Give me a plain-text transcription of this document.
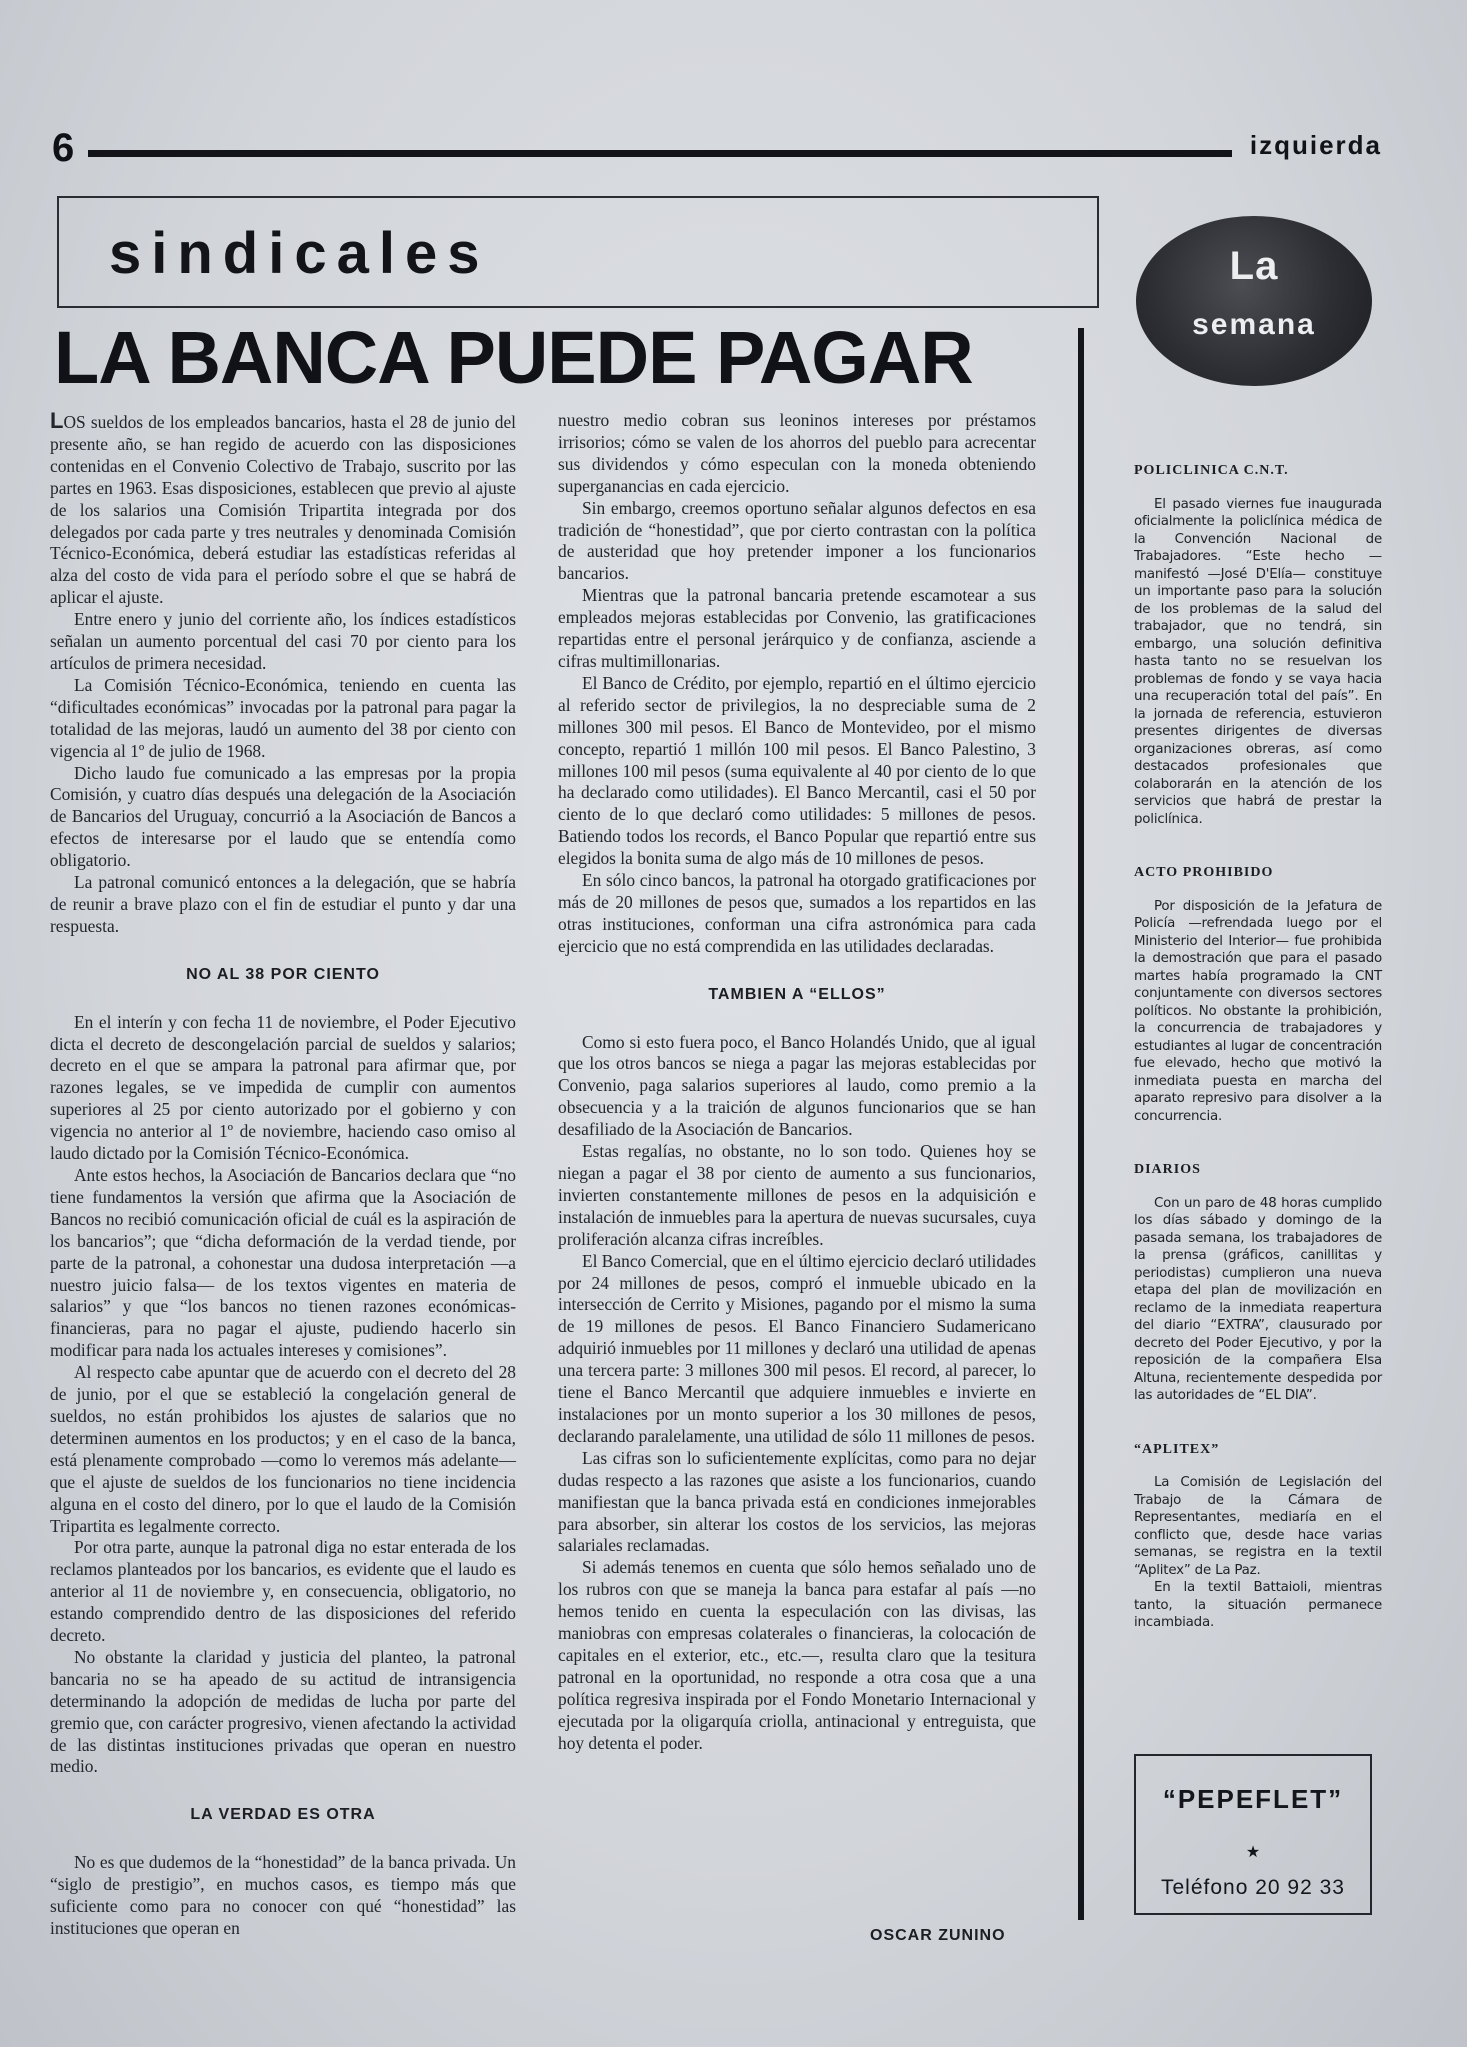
6	izquierda
sindicales
LA BANCA PUEDE PAGAR

LOS sueldos de los empleados bancarios, hasta el 28 de junio del presente año, se han regido de acuerdo con las disposiciones contenidas en el Convenio Colectivo de Trabajo, suscrito por las partes en 1963. Esas disposiciones, establecen que previo al ajuste de los salarios una Comisión Tripartita integrada por dos delegados por cada parte y tres neutrales y denominada Comisión Técnico-Económica, deberá estudiar las estadísticas referidas al alza del costo de vida para el período sobre el que se habrá de aplicar el ajuste.

Entre enero y junio del corriente año, los índices estadísticos señalan un aumento porcentual del casi 70 por ciento para los artículos de primera necesidad.

La Comisión Técnico-Económica, teniendo en cuenta las “dificultades económicas” invocadas por la patronal para pagar la totalidad de las mejoras, laudó un aumento del 38 por ciento con vigencia al 1º de julio de 1968.

Dicho laudo fue comunicado a las empresas por la propia Comisión, y cuatro días después una delegación de la Asociación de Bancarios del Uruguay, concurrió a la Asociación de Bancos a efectos de interesarse por el laudo que se entendía como obligatorio.

La patronal comunicó entonces a la delegación, que se habría de reunir a brave plazo con el fin de estudiar el punto y dar una respuesta.

NO AL 38 POR CIENTO

En el interín y con fecha 11 de noviembre, el Poder Ejecutivo dicta el decreto de descongelación parcial de sueldos y salarios; decreto en el que se ampara la patronal para afirmar que, por razones legales, se ve impedida de cumplir con aumentos superiores al 25 por ciento autorizado por el gobierno y con vigencia no anterior al 1º de noviembre, haciendo caso omiso al laudo dictado por la Comisión Técnico-Económica.

Ante estos hechos, la Asociación de Bancarios declara que “no tiene fundamentos la versión que afirma que la Asociación de Bancos no recibió comunicación oficial de cuál es la aspiración de los bancarios”; que “dicha deformación de la verdad tiende, por parte de la patronal, a cohonestar una dudosa interpretación —a nuestro juicio falsa— de los textos vigentes en materia de salarios” y que “los bancos no tienen razones económicas-financieras, para no pagar el ajuste, pudiendo hacerlo sin modificar para nada los actuales intereses y comisiones”.

Al respecto cabe apuntar que de acuerdo con el decreto del 28 de junio, por el que se estableció la congelación general de sueldos, no están prohibidos los ajustes de salarios que no determinen aumentos en los productos; y en el caso de la banca, está plenamente comprobado —como lo veremos más adelante— que el ajuste de sueldos de los funcionarios no tiene incidencia alguna en el costo del dinero, por lo que el laudo de la Comisión Tripartita es legalmente correcto.

Por otra parte, aunque la patronal diga no estar enterada de los reclamos planteados por los bancarios, es evidente que el laudo es anterior al 11 de noviembre y, en consecuencia, obligatorio, no estando comprendido dentro de las disposiciones del referido decreto.

No obstante la claridad y justicia del planteo, la patronal bancaria no se ha apeado de su actitud de intransigencia determinando la adopción de medidas de lucha por parte del gremio que, con carácter progresivo, vienen afectando la actividad de las distintas instituciones privadas que operan en nuestro medio.

LA VERDAD ES OTRA

No es que dudemos de la “honestidad” de la banca privada. Un “siglo de prestigio”, en muchos casos, es tiempo más que suficiente como para no conocer con qué “honestidad” las instituciones que operan en

nuestro medio cobran sus leoninos intereses por préstamos irrisorios; cómo se valen de los ahorros del pueblo para acrecentar sus dividendos y cómo especulan con la moneda obteniendo superganancias en cada ejercicio.

Sin embargo, creemos oportuno señalar algunos defectos en esa tradición de “honestidad”, que por cierto contrastan con la política de austeridad que hoy pretender imponer a los funcionarios bancarios.

Mientras que la patronal bancaria pretende escamotear a sus empleados mejoras establecidas por Convenio, las gratificaciones repartidas entre el personal jerárquico y de confianza, asciende a cifras multimillonarias.

El Banco de Crédito, por ejemplo, repartió en el último ejercicio al referido sector de privilegios, la no despreciable suma de 2 millones 300 mil pesos. El Banco de Montevideo, por el mismo concepto, repartió 1 millón 100 mil pesos. El Banco Palestino, 3 millones 100 mil pesos (suma equivalente al 40 por ciento de lo que ha declarado como utilidades). El Banco Mercantil, casi el 50 por ciento de lo que declaró como utilidades: 5 millones de pesos. Batiendo todos los records, el Banco Popular que repartió entre sus elegidos la bonita suma de algo más de 10 millones de pesos.

En sólo cinco bancos, la patronal ha otorgado gratificaciones por más de 20 millones de pesos que, sumados a los repartidos en las otras instituciones, conforman una cifra astronómica para cada ejercicio que no está comprendida en las utilidades declaradas.

TAMBIEN A “ELLOS”

Como si esto fuera poco, el Banco Holandés Unido, que al igual que los otros bancos se niega a pagar las mejoras establecidas por Convenio, paga salarios superiores al laudo, como premio a la obsecuencia y a la traición de algunos funcionarios que se han desafiliado de la Asociación de Bancarios.

Estas regalías, no obstante, no lo son todo. Quienes hoy se niegan a pagar el 38 por ciento de aumento a sus funcionarios, invierten constantemente millones de pesos en la adquisición e instalación de inmuebles para la apertura de nuevas sucursales, cuya proliferación alcanza cifras increíbles.

El Banco Comercial, que en el último ejercicio declaró utilidades por 24 millones de pesos, compró el inmueble ubicado en la intersección de Cerrito y Misiones, pagando por el mismo la suma de 19 millones de pesos. El Banco Financiero Sudamericano adquirió inmuebles por 11 millones y declaró una utilidad de apenas una tercera parte: 3 millones 300 mil pesos. El record, al parecer, lo tiene el Banco Mercantil que adquiere inmuebles e invierte en instalaciones por un monto superior a los 30 millones de pesos, declarando paralelamente, una utilidad de sólo 11 millones de pesos.

Las cifras son lo suficientemente explícitas, como para no dejar dudas respecto a las razones que asiste a los funcionarios, cuando manifiestan que la banca privada está en condiciones inmejorables para absorber, sin alterar los costos de los servicios, las mejoras salariales reclamadas.

Si además tenemos en cuenta que sólo hemos señalado uno de los rubros con que se maneja la banca para estafar al país —no hemos tenido en cuenta la especulación con las divisas, las maniobras con empresas colaterales o financieras, la colocación de capitales en el exterior, etc., etc.—, resulta claro que la tesitura patronal en la oportunidad, no responde a otra cosa que a una política regresiva inspirada por el Fondo Monetario Internacional y ejecutada por la oligarquía criolla, antinacional y entreguista, que hoy detenta el poder.

OSCAR ZUNINO
La
semana
POLICLINICA C.N.T.

El pasado viernes fue inaugurada oficialmente la policlínica médica de la Convención Nacional de Trabajadores. “Este hecho —manifestó —José D'Elía— constituye un importante paso para la solución de los problemas de la salud del trabajador, que no tendrá, sin embargo, una solución definitiva hasta tanto no se resuelvan los problemas de fondo y se vaya hacia una recuperación total del país”. En la jornada de referencia, estuvieron presentes dirigentes de diversas organizaciones obreras, así como destacados profesionales que colaborarán en la atención de los servicios que habrá de prestar la policlínica.

ACTO PROHIBIDO

Por disposición de la Jefatura de Policía —refrendada luego por el Ministerio del Interior— fue prohibida la demostración que para el pasado martes había programado la CNT conjuntamente con diversos sectores políticos. No obstante la prohibición, la concurrencia de trabajadores y estudiantes al lugar de concentración fue elevado, hecho que motivó la inmediata puesta en marcha del aparato represivo para disolver a la concurrencia.

DIARIOS

Con un paro de 48 horas cumplido los días sábado y domingo de la pasada semana, los trabajadores de la prensa (gráficos, canillitas y periodistas) cumplieron una nueva etapa del plan de movilización en reclamo de la inmediata reapertura del diario “EXTRA”, clausurado por decreto del Poder Ejecutivo, y por la reposición de la compañera Elsa Altuna, recientemente despedida por las autoridades de “EL DIA”.

“APLITEX”

La Comisión de Legislación del Trabajo de la Cámara de Representantes, mediaría en el conflicto que, desde hace varias semanas, se registra en la textil “Aplitex” de La Paz.

En la textil Battaioli, mientras tanto, la situación permanece incambiada.

“PEPEFLET”
★
Teléfono 20 92 33
